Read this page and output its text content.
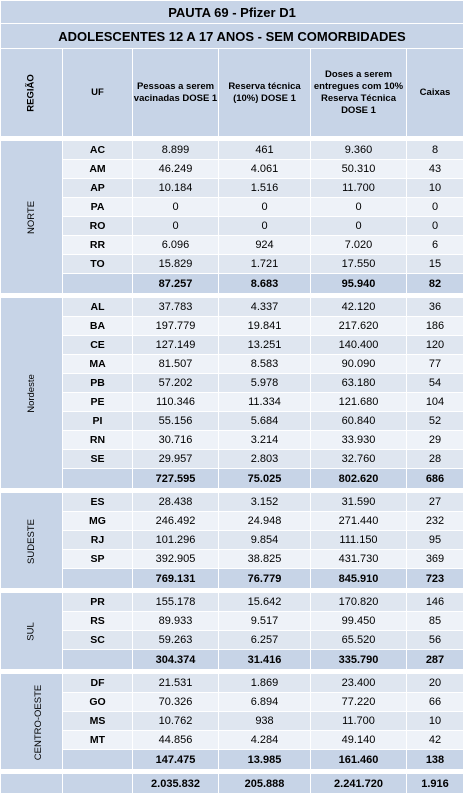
PAUTA 69 - Pfizer D1					
ADOLESCENTES 12 A 17 ANOS - SEM COMORBIDADES					
REGIÃO	UF	Pessoas a serem vacinadas DOSE 1	Reserva técnica (10%) DOSE 1	Doses a serem entregues com 10% Reserva Técnica DOSE 1	Caixas

NORTE	AC	8.899	461	9.360	8
	AM	46.249	4.061	50.310	43
	AP	10.184	1.516	11.700	10
	PA	0	0	0	0
	RO	0	0	0	0
	RR	6.096	924	7.020	6
	TO	15.829	1.721	17.550	15
		87.257	8.683	95.940	82

Nordeste	AL	37.783	4.337	42.120	36
	BA	197.779	19.841	217.620	186
	CE	127.149	13.251	140.400	120
	MA	81.507	8.583	90.090	77
	PB	57.202	5.978	63.180	54
	PE	110.346	11.334	121.680	104
	PI	55.156	5.684	60.840	52
	RN	30.716	3.214	33.930	29
	SE	29.957	2.803	32.760	28
		727.595	75.025	802.620	686

SUDESTE	ES	28.438	3.152	31.590	27
	MG	246.492	24.948	271.440	232
	RJ	101.296	9.854	111.150	95
	SP	392.905	38.825	431.730	369
		769.131	76.779	845.910	723

SUL	PR	155.178	15.642	170.820	146
	RS	89.933	9.517	99.450	85
	SC	59.263	6.257	65.520	56
		304.374	31.416	335.790	287

CENTRO-OESTE	DF	21.531	1.869	23.400	20
	GO	70.326	6.894	77.220	66
	MS	10.762	938	11.700	10
	MT	44.856	4.284	49.140	42
		147.475	13.985	161.460	138

		2.035.832	205.888	2.241.720	1.916
